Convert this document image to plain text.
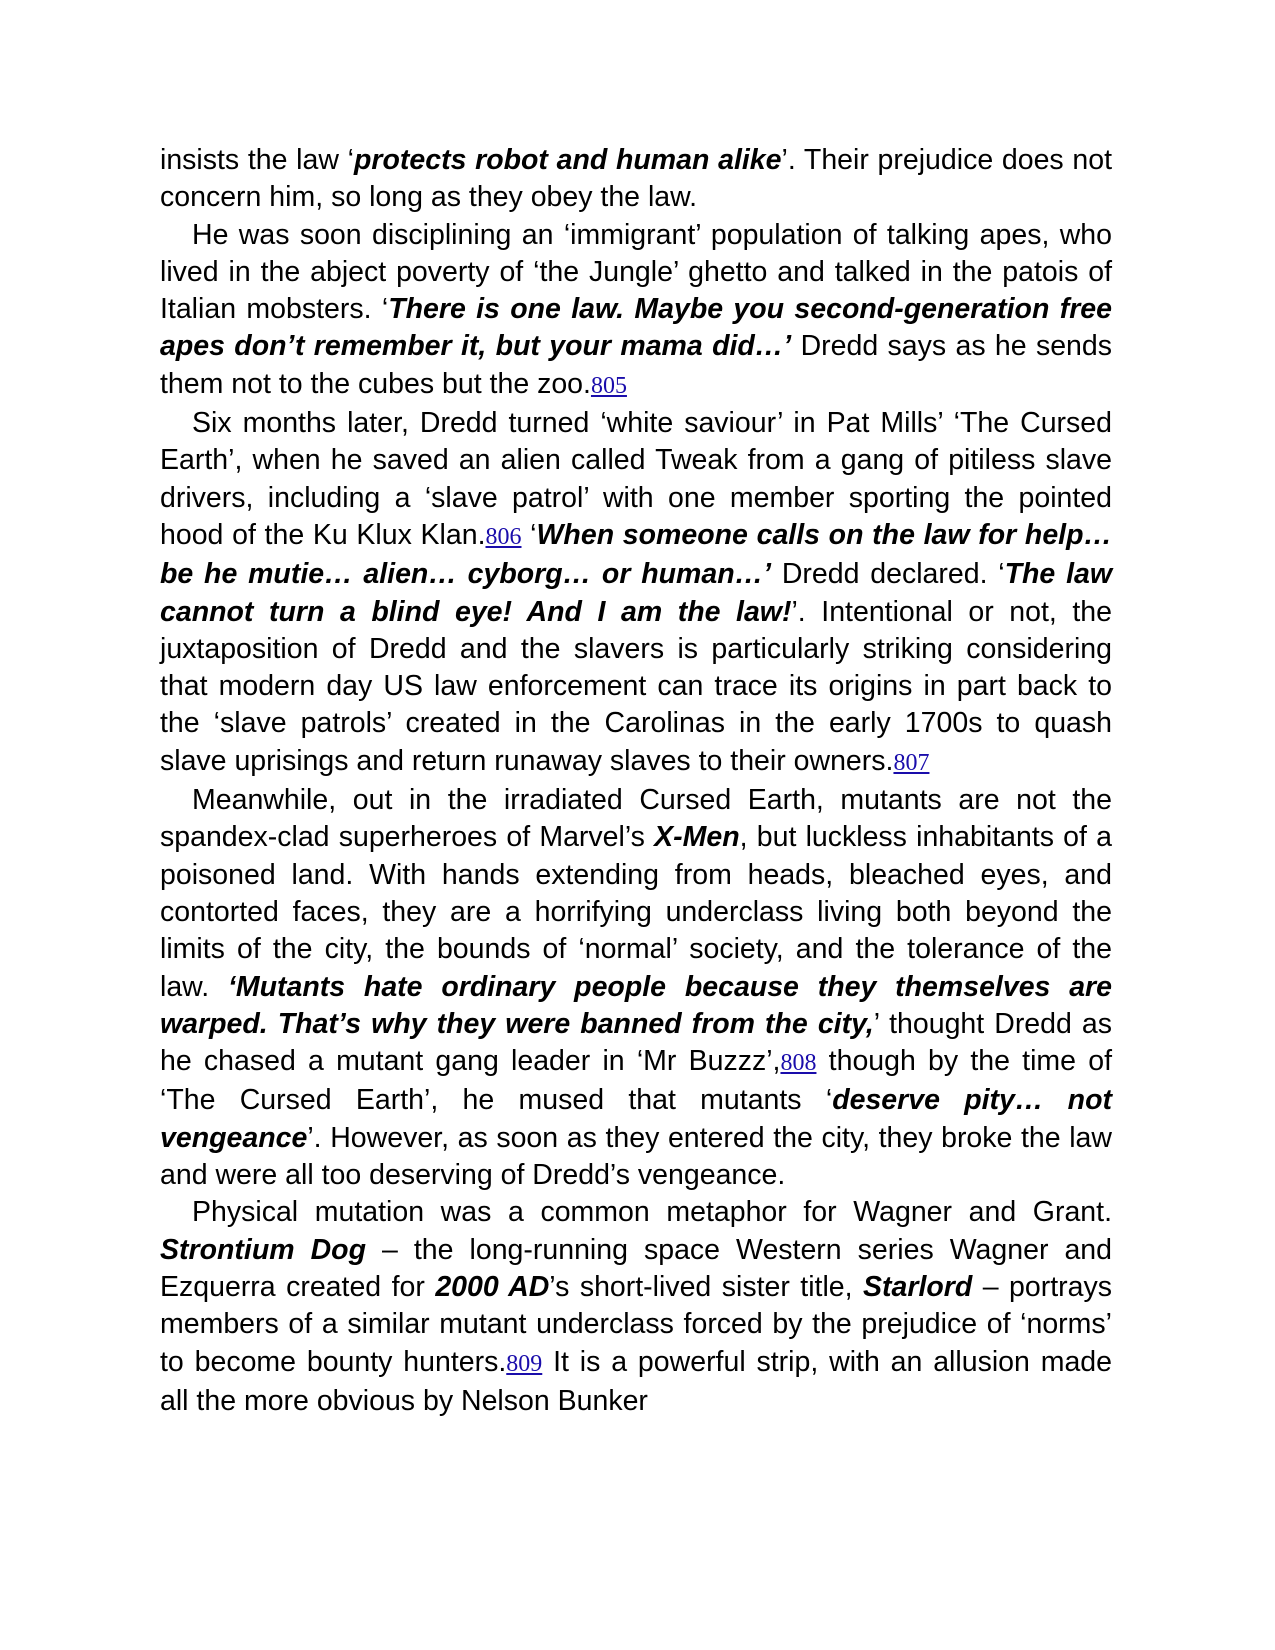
insists the law ‘protects robot and human alike’. Their prejudice does not concern him, so long as they obey the law.

He was soon disciplining an ‘immigrant’ population of talking apes, who lived in the abject poverty of ‘the Jungle’ ghetto and talked in the patois of Italian mobsters. ‘There is one law. Maybe you second-generation free apes don’t remember it, but your mama did…’ Dredd says as he sends them not to the cubes but the zoo.805

Six months later, Dredd turned ‘white saviour’ in Pat Mills’ ‘The Cursed Earth’, when he saved an alien called Tweak from a gang of pitiless slave drivers, including a ‘slave patrol’ with one member sporting the pointed hood of the Ku Klux Klan.806 ‘When someone calls on the law for help… be he mutie… alien… cyborg… or human…’ Dredd declared. ‘The law cannot turn a blind eye! And I am the law!’. Intentional or not, the juxtaposition of Dredd and the slavers is particularly striking considering that modern day US law enforcement can trace its origins in part back to the ‘slave patrols’ created in the Carolinas in the early 1700s to quash slave uprisings and return runaway slaves to their owners.807

Meanwhile, out in the irradiated Cursed Earth, mutants are not the spandex-clad superheroes of Marvel’s X-Men, but luckless inhabitants of a poisoned land. With hands extending from heads, bleached eyes, and contorted faces, they are a horrifying underclass living both beyond the limits of the city, the bounds of ‘normal’ society, and the tolerance of the law. ‘Mutants hate ordinary people because they themselves are warped. That’s why they were banned from the city,’ thought Dredd as he chased a mutant gang leader in ‘Mr Buzzz’,808 though by the time of ‘The Cursed Earth’, he mused that mutants ‘deserve pity… not vengeance’. However, as soon as they entered the city, they broke the law and were all too deserving of Dredd’s vengeance.

Physical mutation was a common metaphor for Wagner and Grant. Strontium Dog – the long-running space Western series Wagner and Ezquerra created for 2000 AD’s short-lived sister title, Starlord – portrays members of a similar mutant underclass forced by the prejudice of ‘norms’ to become bounty hunters.809 It is a powerful strip, with an allusion made all the more obvious by Nelson Bunker
